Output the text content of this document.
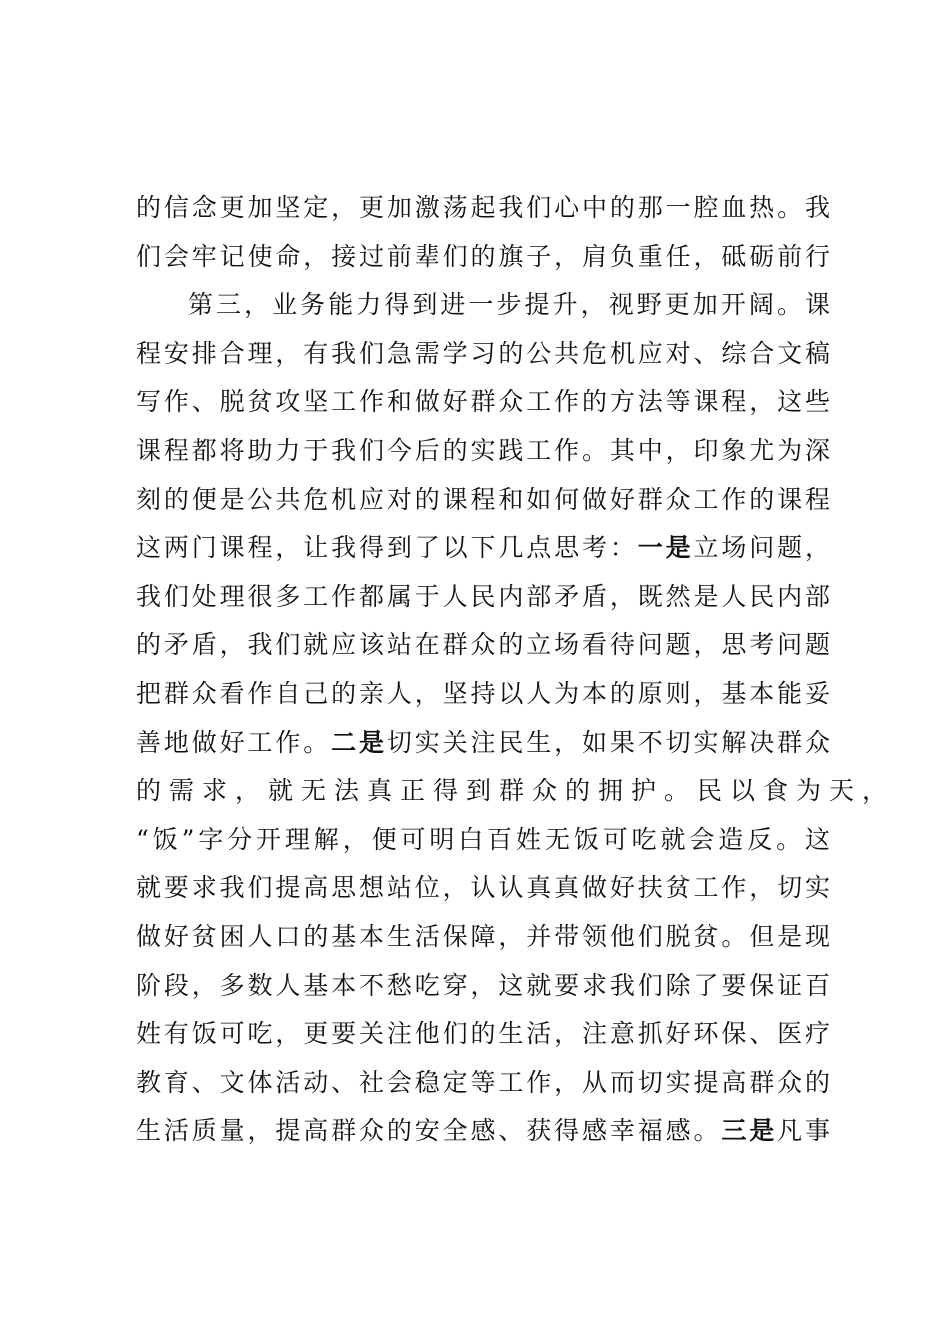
的信念更加坚定，更加激荡起我们心中的那一腔血热。我
们会牢记使命，接过前辈们的旗子，肩负重任，砥砺前行
第三，业务能力得到进一步提升，视野更加开阔。课
程安排合理，有我们急需学习的公共危机应对、综合文稿
写作、脱贫攻坚工作和做好群众工作的方法等课程，这些
课程都将助力于我们今后的实践工作。其中，印象尤为深
刻的便是公共危机应对的课程和如何做好群众工作的课程
这两门课程，让我得到了以下几点思考：一是立场问题，
我们处理很多工作都属于人民内部矛盾，既然是人民内部
的矛盾，我们就应该站在群众的立场看待问题，思考问题
把群众看作自己的亲人，坚持以人为本的原则，基本能妥
善地做好工作。二是切实关注民生，如果不切实解决群众
的需求，就无法真正得到群众的拥护。民以食为天，
“饭”字分开理解，便可明白百姓无饭可吃就会造反。这
就要求我们提高思想站位，认认真真做好扶贫工作，切实
做好贫困人口的基本生活保障，并带领他们脱贫。但是现
阶段，多数人基本不愁吃穿，这就要求我们除了要保证百
姓有饭可吃，更要关注他们的生活，注意抓好环保、医疗
教育、文体活动、社会稳定等工作，从而切实提高群众的
生活质量，提高群众的安全感、获得感幸福感。三是凡事
